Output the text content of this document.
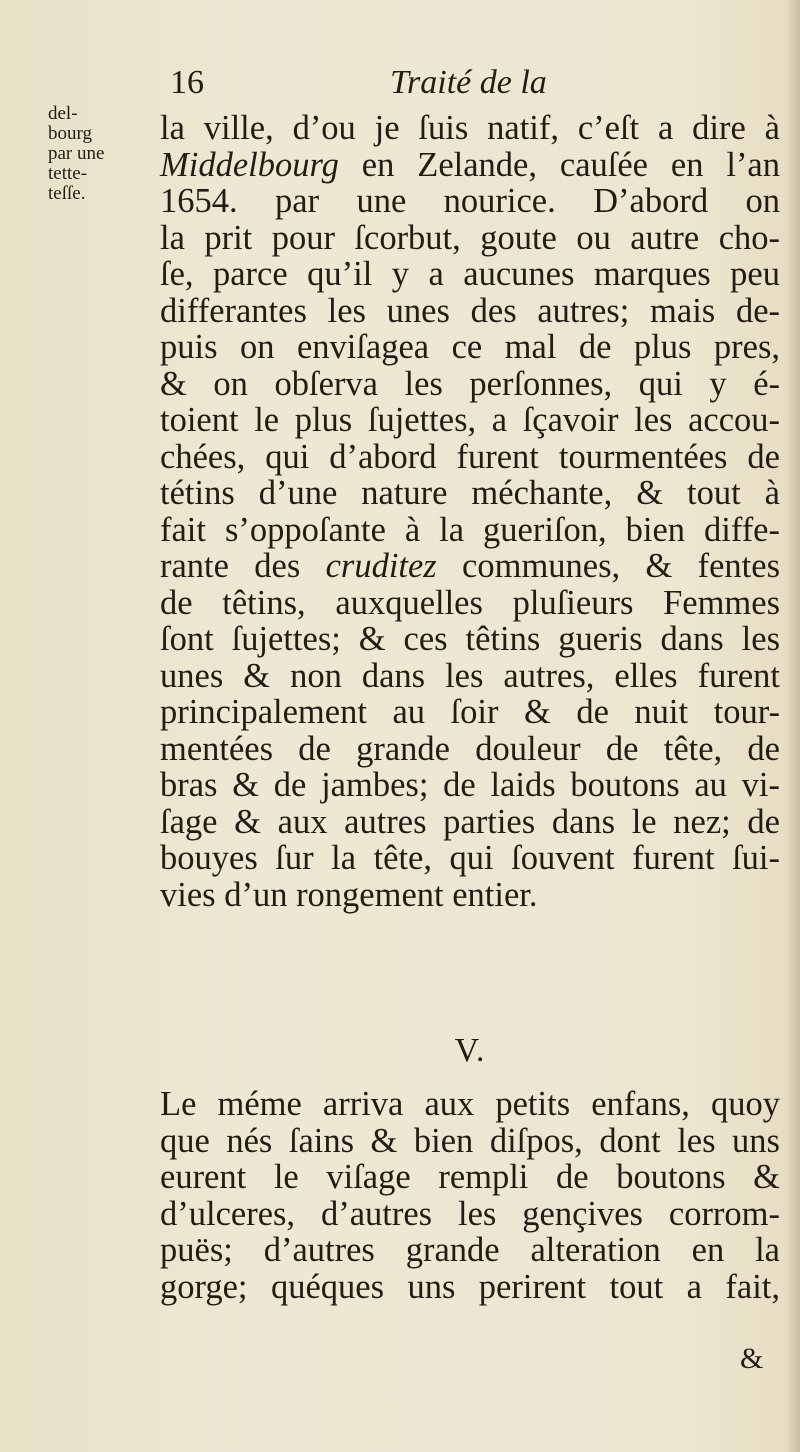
16	Traité de la
del-
bourg
par une
tette-
teſſe.
la ville, d’ou je ſuis natif, c’eſt a dire à
Middelbourg en Zelande, cauſée en l’an
1654. par une nourice. D’abord on
la prit pour ſcorbut, goute ou autre cho-
ſe, parce qu’il y a aucunes marques peu
differantes les unes des autres; mais de-
puis on enviſagea ce mal de plus pres,
& on obſerva les perſonnes, qui y é-
toient le plus ſujettes, a ſçavoir les accou-
chées, qui d’abord furent tourmentées de
tétins d’une nature méchante, & tout à
fait s’oppoſante à la gueriſon, bien diffe-
rante des cruditez communes, & fentes
de têtins, auxquelles pluſieurs Femmes
ſont ſujettes; & ces têtins gueris dans les
unes & non dans les autres, elles furent
principalement au ſoir & de nuit tour-
mentées de grande douleur de tête, de
bras & de jambes; de laids boutons au vi-
ſage & aux autres parties dans le nez; de
bouyes ſur la tête, qui ſouvent furent ſui-
vies d’un rongement entier.
V.
Le méme arriva aux petits enfans, quoy
que nés ſains & bien diſpos, dont les uns
eurent le viſage rempli de boutons &
d’ulceres, d’autres les gençives corrom-
puës; d’autres grande alteration en la
gorge; quéques uns perirent tout a fait,
&
